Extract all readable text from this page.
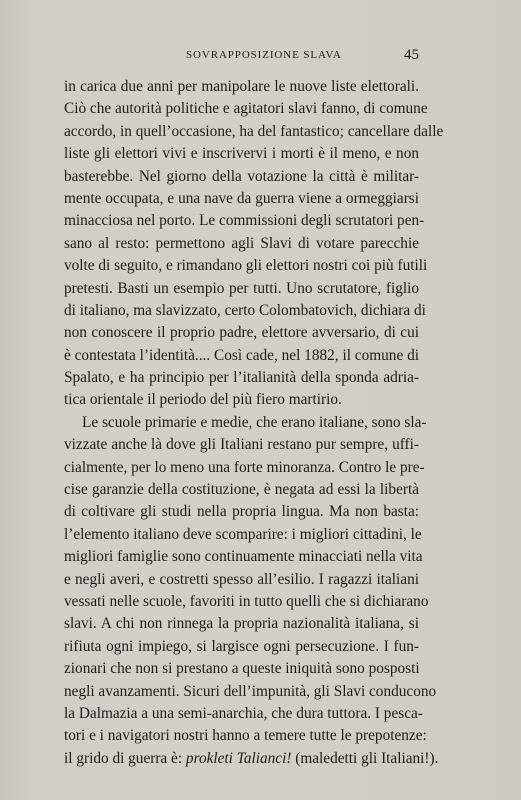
SOVRAPPOSIZIONE SLAVA	45
in carica due anni per manipolare le nuove liste elettorali.
Ciò che autorità politiche e agitatori slavi fanno, di comune
accordo, in quell’occasione, ha del fantastico; cancellare dalle
liste gli elettori vivi e inscrivervi i morti è il meno, e non
basterebbe. Nel giorno della votazione la città è militar-
mente occupata, e una nave da guerra viene a ormeggiarsi
minacciosa nel porto. Le commissioni degli scrutatori pen-
sano al resto: permettono agli Slavi di votare parecchie
volte di seguito, e rimandano gli elettori nostri coi più futili
pretesti. Basti un esempio per tutti. Uno scrutatore, figlio
di italiano, ma slavizzato, certo Colombatovich, dichiara di
non conoscere il proprio padre, elettore avversario, di cui
è contestata l’identità.... Così cade, nel 1882, il comune di
Spalato, e ha principio per l’italianità della sponda adria-
tica orientale il periodo del più fiero martirio.
Le scuole primarie e medie, che erano italiane, sono sla-
vizzate anche là dove gli Italiani restano pur sempre, uffi-
cialmente, per lo meno una forte minoranza. Contro le pre-
cise garanzie della costituzione, è negata ad essi la libertà
di coltivare gli studi nella propria lingua. Ma non basta:
l’elemento italiano deve scomparire: i migliori cittadini, le
migliori famiglie sono continuamente minacciati nella vita
e negli averi, e costretti spesso all’esilio. I ragazzi italiani
vessati nelle scuole, favoriti in tutto quelli che si dichiarano
slavi. A chi non rinnega la propria nazionalità italiana, si
rifiuta ogni impiego, si largisce ogni persecuzione. I fun-
zionari che non si prestano a queste iniquità sono posposti
negli avanzamenti. Sicuri dell’impunità, gli Slavi conducono
la Dalmazia a una semi-anarchia, che dura tuttora. I pesca-
tori e i navigatori nostri hanno a temere tutte le prepotenze:
il grido di guerra è: prokleti Talianci! (maledetti gli Italiani!).
